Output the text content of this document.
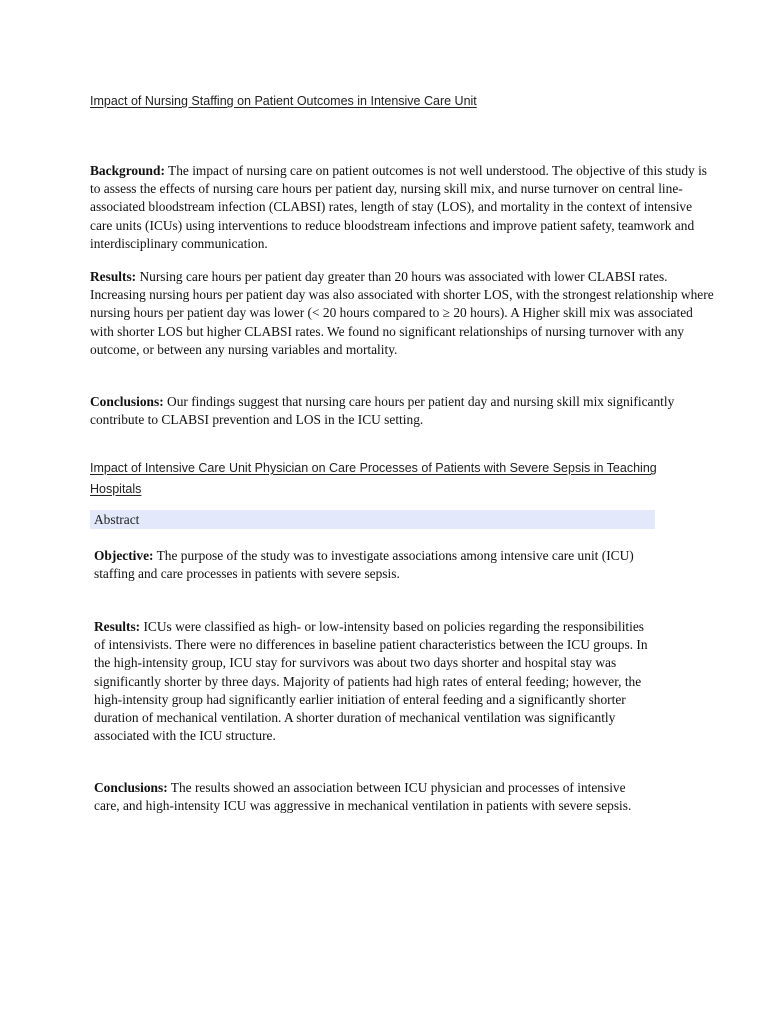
Impact of Nursing Staffing on Patient Outcomes in Intensive Care Unit

Background: The impact of nursing care on patient outcomes is not well understood. The objective of this study is to assess the effects of nursing care hours per patient day, nursing skill mix, and nurse turnover on central line-associated bloodstream infection (CLABSI) rates, length of stay (LOS), and mortality in the context of intensive care units (ICUs) using interventions to reduce bloodstream infections and improve patient safety, teamwork and interdisciplinary communication.

Results: Nursing care hours per patient day greater than 20 hours was associated with lower CLABSI rates. Increasing nursing hours per patient day was also associated with shorter LOS, with the strongest relationship where nursing hours per patient day was lower (< 20 hours compared to ≥ 20 hours). A Higher skill mix was associated with shorter LOS but higher CLABSI rates. We found no significant relationships of nursing turnover with any outcome, or between any nursing variables and mortality.

Conclusions: Our findings suggest that nursing care hours per patient day and nursing skill mix significantly contribute to CLABSI prevention and LOS in the ICU setting.

Impact of Intensive Care Unit Physician on Care Processes of Patients with Severe Sepsis in Teaching Hospitals
Abstract

Objective: The purpose of the study was to investigate associations among intensive care unit (ICU) staffing and care processes in patients with severe sepsis.

Results: ICUs were classified as high- or low-intensity based on policies regarding the responsibilities of intensivists. There were no differences in baseline patient characteristics between the ICU groups. In the high-intensity group, ICU stay for survivors was about two days shorter and hospital stay was significantly shorter by three days. Majority of patients had high rates of enteral feeding; however, the high-intensity group had significantly earlier initiation of enteral feeding and a significantly shorter duration of mechanical ventilation. A shorter duration of mechanical ventilation was significantly associated with the ICU structure.

Conclusions: The results showed an association between ICU physician and processes of intensive care, and high-intensity ICU was aggressive in mechanical ventilation in patients with severe sepsis.
